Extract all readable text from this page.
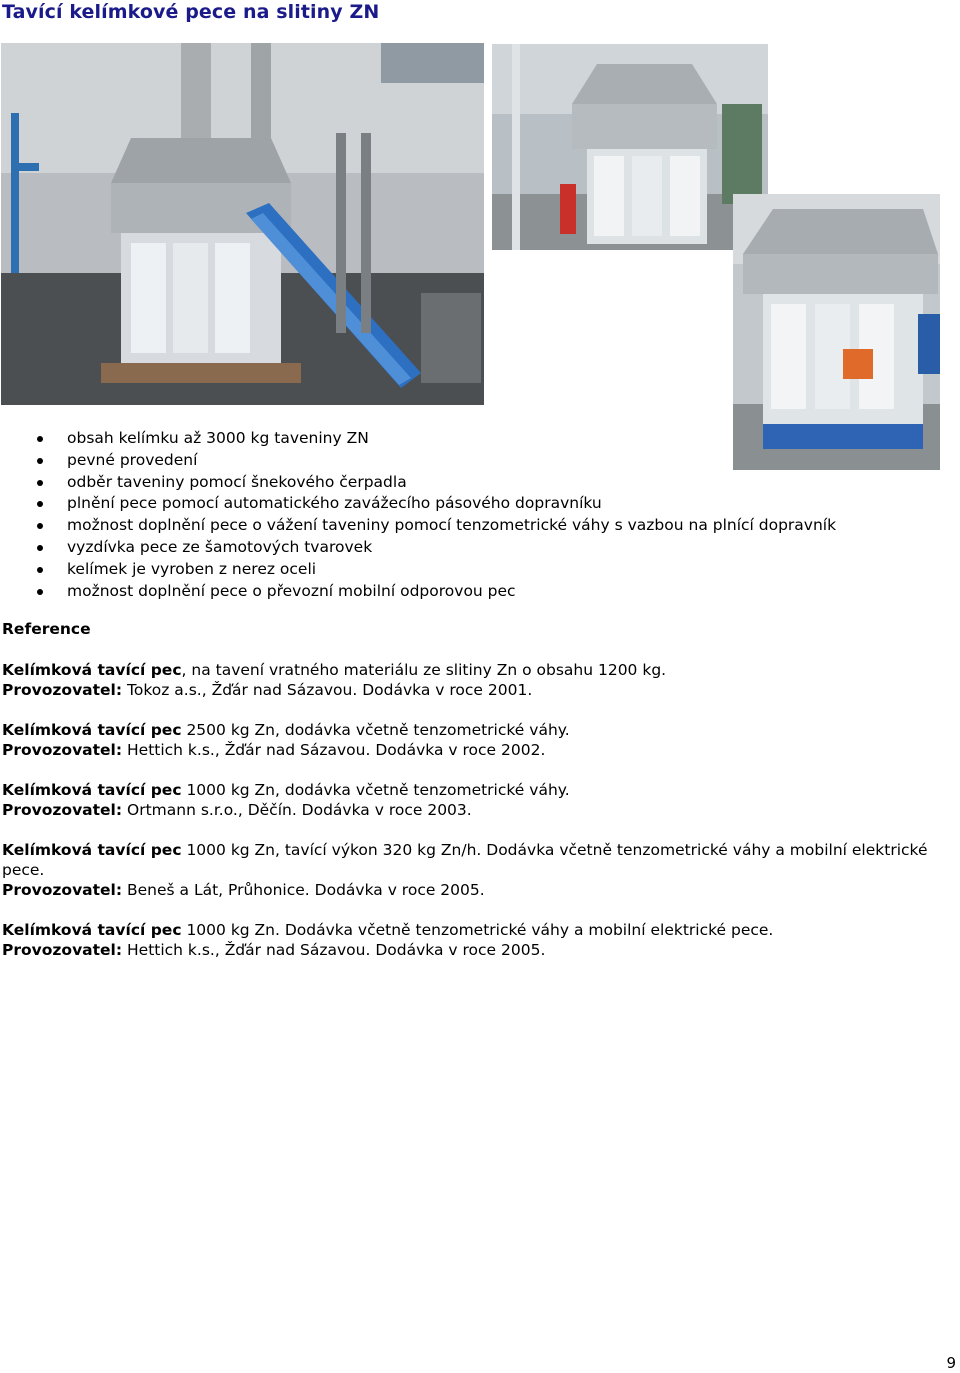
Tavící kelímkové pece na slitiny ZN
obsah kelímku až 3000 kg taveniny ZN
pevné provedení
odběr taveniny pomocí šnekového čerpadla
plnění pece pomocí automatického zavážecího pásového dopravníku
možnost doplnění pece o vážení taveniny pomocí tenzometrické váhy s vazbou na plnící dopravník
vyzdívka pece ze šamotových tvarovek
kelímek je vyroben z nerez oceli
možnost doplnění pece o převozní mobilní odporovou pec
Reference

Kelímková tavící pec, na tavení vratného materiálu ze slitiny Zn o obsahu 1200 kg.

Provozovatel: Tokoz a.s., Žďár nad Sázavou. Dodávka v roce 2001.

Kelímková tavící pec 2500 kg Zn, dodávka včetně tenzometrické váhy.

Provozovatel: Hettich k.s., Žďár nad Sázavou. Dodávka v roce 2002.

Kelímková tavící pec 1000 kg Zn, dodávka včetně tenzometrické váhy.

Provozovatel: Ortmann s.r.o., Děčín. Dodávka v roce 2003.

Kelímková tavící pec 1000 kg Zn, tavící výkon 320 kg Zn/h. Dodávka včetně tenzometrické váhy a mobilní elektrické pece.

Provozovatel: Beneš a Lát, Průhonice. Dodávka v roce 2005.

Kelímková tavící pec 1000 kg Zn. Dodávka včetně tenzometrické váhy a mobilní elektrické pece.

Provozovatel: Hettich k.s., Žďár nad Sázavou. Dodávka v roce 2005.

9
